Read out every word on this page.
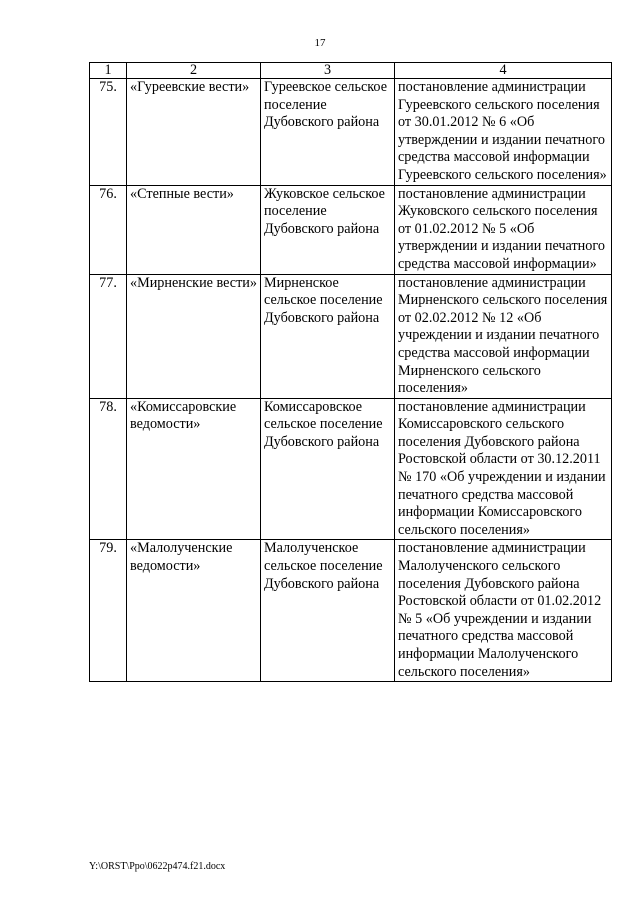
17
1	2	3	4
75.	«Гуреевские вести»	Гуреевское сельское поселение Дубовского района	постановление администрации Гуреевского сельского поселения от 30.01.2012 № 6 «Об утверждении и издании печатного средства массовой информации Гуреевского сельского поселения»
76.	«Степные вести»	Жуковское сельское поселение Дубовского района	постановление администрации Жуковского сельского поселения от 01.02.2012 № 5 «Об утверждении и издании печатного средства массовой информации»
77.	«Мирненские вести»	Мирненское сельское поселение Дубовского района	постановление администрации Мирненского сельского поселения от 02.02.2012 № 12 «Об учреждении и издании печатного средства массовой информации Мирненского сельского поселения»
78.	«Комиссаровские ведомости»	Комиссаровское сельское поселение Дубовского района	постановление администрации Комиссаровского сельского поселения Дубовского района Ростовской области от 30.12.2011 № 170 «Об учреждении и издании печатного средства массовой информации Комиссаровского сельского поселения»
79.	«Малолученские ведомости»	Малолученское сельское поселение Дубовского района	постановление администрации Малолученского сельского поселения Дубовского района Ростовской области от 01.02.2012 № 5 «Об учреждении и издании печатного средства массовой информации Малолученского сельского поселения»
Y:\ORST\Ppo\0622p474.f21.docx
